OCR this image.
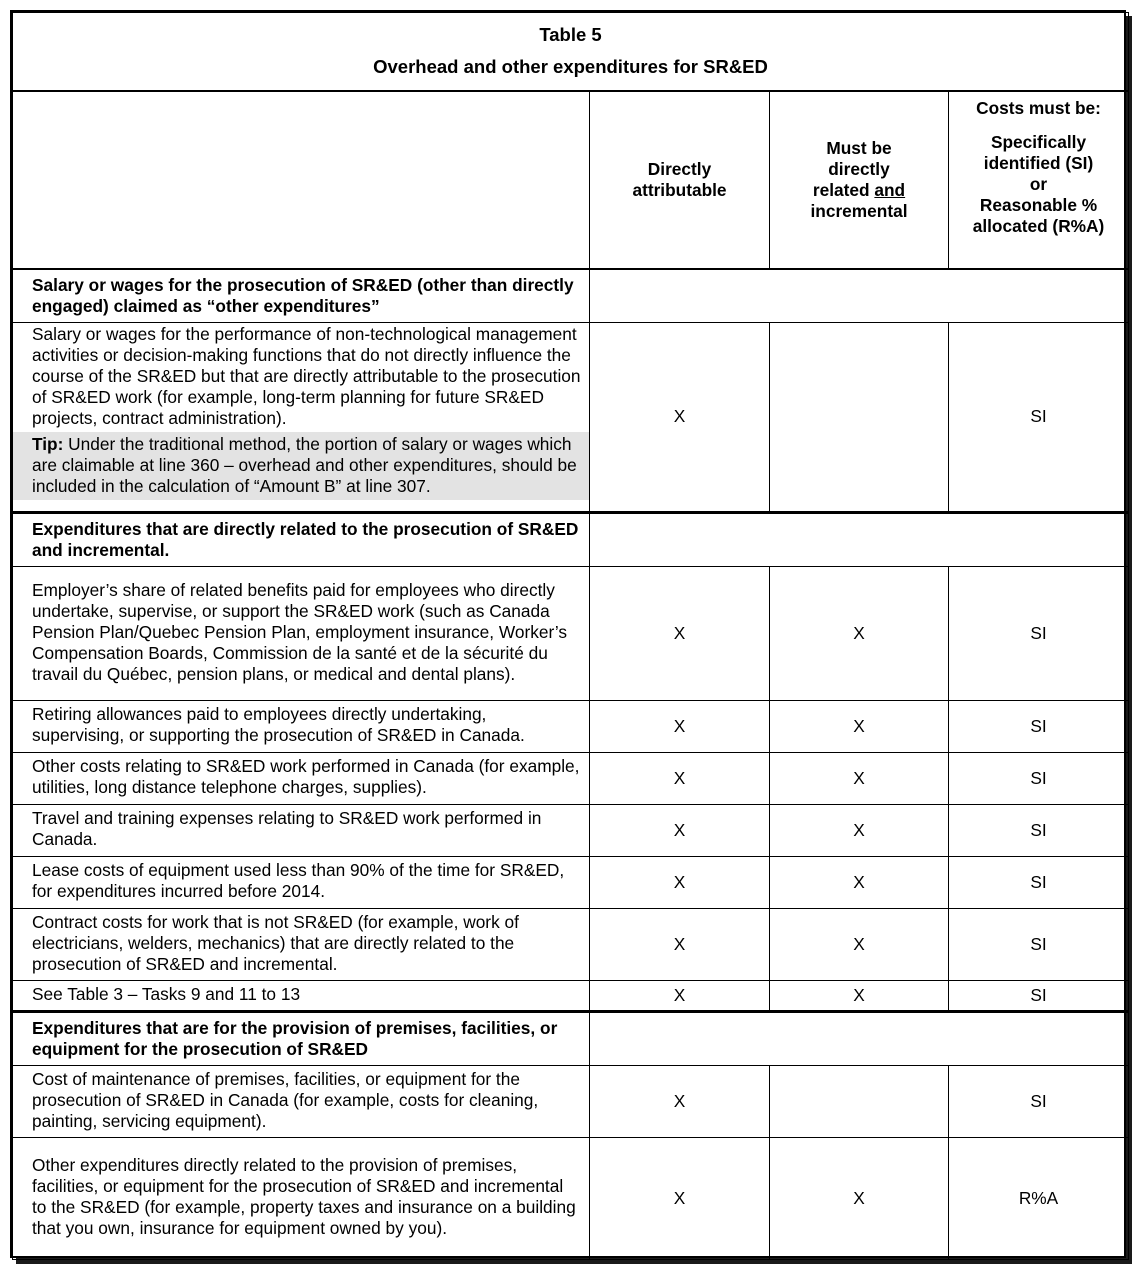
Table 5
Overhead and other expenditures for SR&ED			

	Directly attributable	Must be directly related and incremental	Costs must be:
Specifically identified (SI)
or
Reasonable % allocated (R%A)

Salary or wages for the prosecution of SR&ED (other than directly engaged) claimed as “other expenditures”			

Salary or wages for the performance of non-technological management activities or decision-making functions that do not directly influence the course of the SR&ED but that are directly attributable to the prosecution of SR&ED work (for example, long-term planning for future SR&ED projects, contract administration).
Tip: Under the traditional method, the portion of salary or wages which are claimable at line 360 – overhead and other expenditures, should be included in the calculation of “Amount B” at line 307.	X		SI
Expenditures that are directly related to the prosecution of SR&ED and incremental.			
Employer’s share of related benefits paid for employees who directly undertake, supervise, or support the SR&ED work (such as Canada Pension Plan/Quebec Pension Plan, employment insurance, Worker’s Compensation Boards, Commission de la santé et de la sécurité du travail du Québec, pension plans, or medical and dental plans).	X	X	SI
Retiring allowances paid to employees directly undertaking, supervising, or supporting the prosecution of SR&ED in Canada.	X	X	SI
Other costs relating to SR&ED work performed in Canada (for example, utilities, long distance telephone charges, supplies).	X	X	SI
Travel and training expenses relating to SR&ED work performed in Canada.	X	X	SI
Lease costs of equipment used less than 90% of the time for SR&ED, for expenditures incurred before 2014.	X	X	SI
Contract costs for work that is not SR&ED (for example, work of electricians, welders, mechanics) that are directly related to the prosecution of SR&ED and incremental.	X	X	SI
See Table 3 – Tasks 9 and 11 to 13	X	X	SI
Expenditures that are for the provision of premises, facilities, or equipment for the prosecution of SR&ED			
Cost of maintenance of premises, facilities, or equipment for the prosecution of SR&ED in Canada (for example, costs for cleaning, painting, servicing equipment).	X		SI
Other expenditures directly related to the provision of premises, facilities, or equipment for the prosecution of SR&ED and incremental to the SR&ED (for example, property taxes and insurance on a building that you own, insurance for equipment owned by you).	X	X	R%A
